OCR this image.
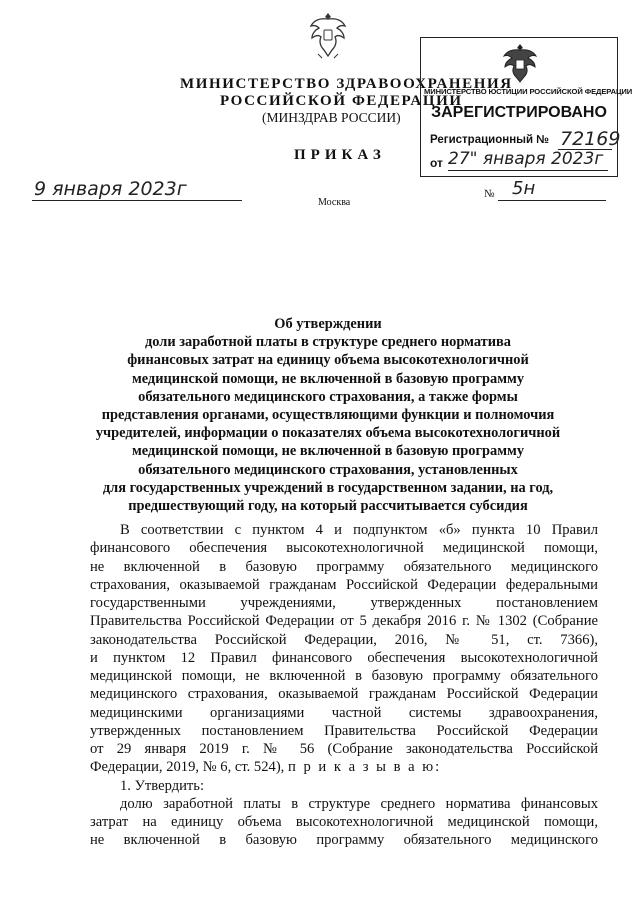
МИНИСТЕРСТВО ЗДРАВООХРАНЕНИЯ
РОССИЙСКОЙ ФЕДЕРАЦИИ
(МИНЗДРАВ РОССИИ)
ПРИКАЗ
9 января 2023г
Москва
№ 5н
МИНИСТЕРСТВО ЮСТИЦИИ РОССИЙСКОЙ ФЕДЕРАЦИИ
ЗАРЕГИСТРИРОВАНО
Регистрационный № 72169
от 27" января 2023г
Об утверждении
доли заработной платы в структуре среднего норматива
финансовых затрат на единицу объема высокотехнологичной
медицинской помощи, не включенной в базовую программу
обязательного медицинского страхования, а также формы
представления органами, осуществляющими функции и полномочия
учредителей, информации о показателях объема высокотехнологичной
медицинской помощи, не включенной в базовую программу
обязательного медицинского страхования, установленных
для государственных учреждений в государственном задании, на год,
предшествующий году, на который рассчитывается субсидия
В соответствии с пунктом 4 и подпунктом «б» пункта 10 Правил
финансового обеспечения высокотехнологичной медицинской помощи,
не включенной в базовую программу обязательного медицинского
страхования, оказываемой гражданам Российской Федерации федеральными
государственными учреждениями, утвержденных постановлением
Правительства Российской Федерации от 5 декабря 2016 г. № 1302 (Собрание
законодательства Российской Федерации, 2016, № 51, ст. 7366),
и пунктом 12 Правил финансового обеспечения высокотехнологичной
медицинской помощи, не включенной в базовую программу обязательного
медицинского страхования, оказываемой гражданам Российской Федерации
медицинскими организациями частной системы здравоохранения,
утвержденных постановлением Правительства Российской Федерации
от 29 января 2019 г. № 56 (Собрание законодательства Российской
Федерации, 2019, № 6, ст. 524), п р и к а з ы в а ю:
1. Утвердить:
долю заработной платы в структуре среднего норматива финансовых
затрат на единицу объема высокотехнологичной медицинской помощи,
не включенной в базовую программу обязательного медицинского
